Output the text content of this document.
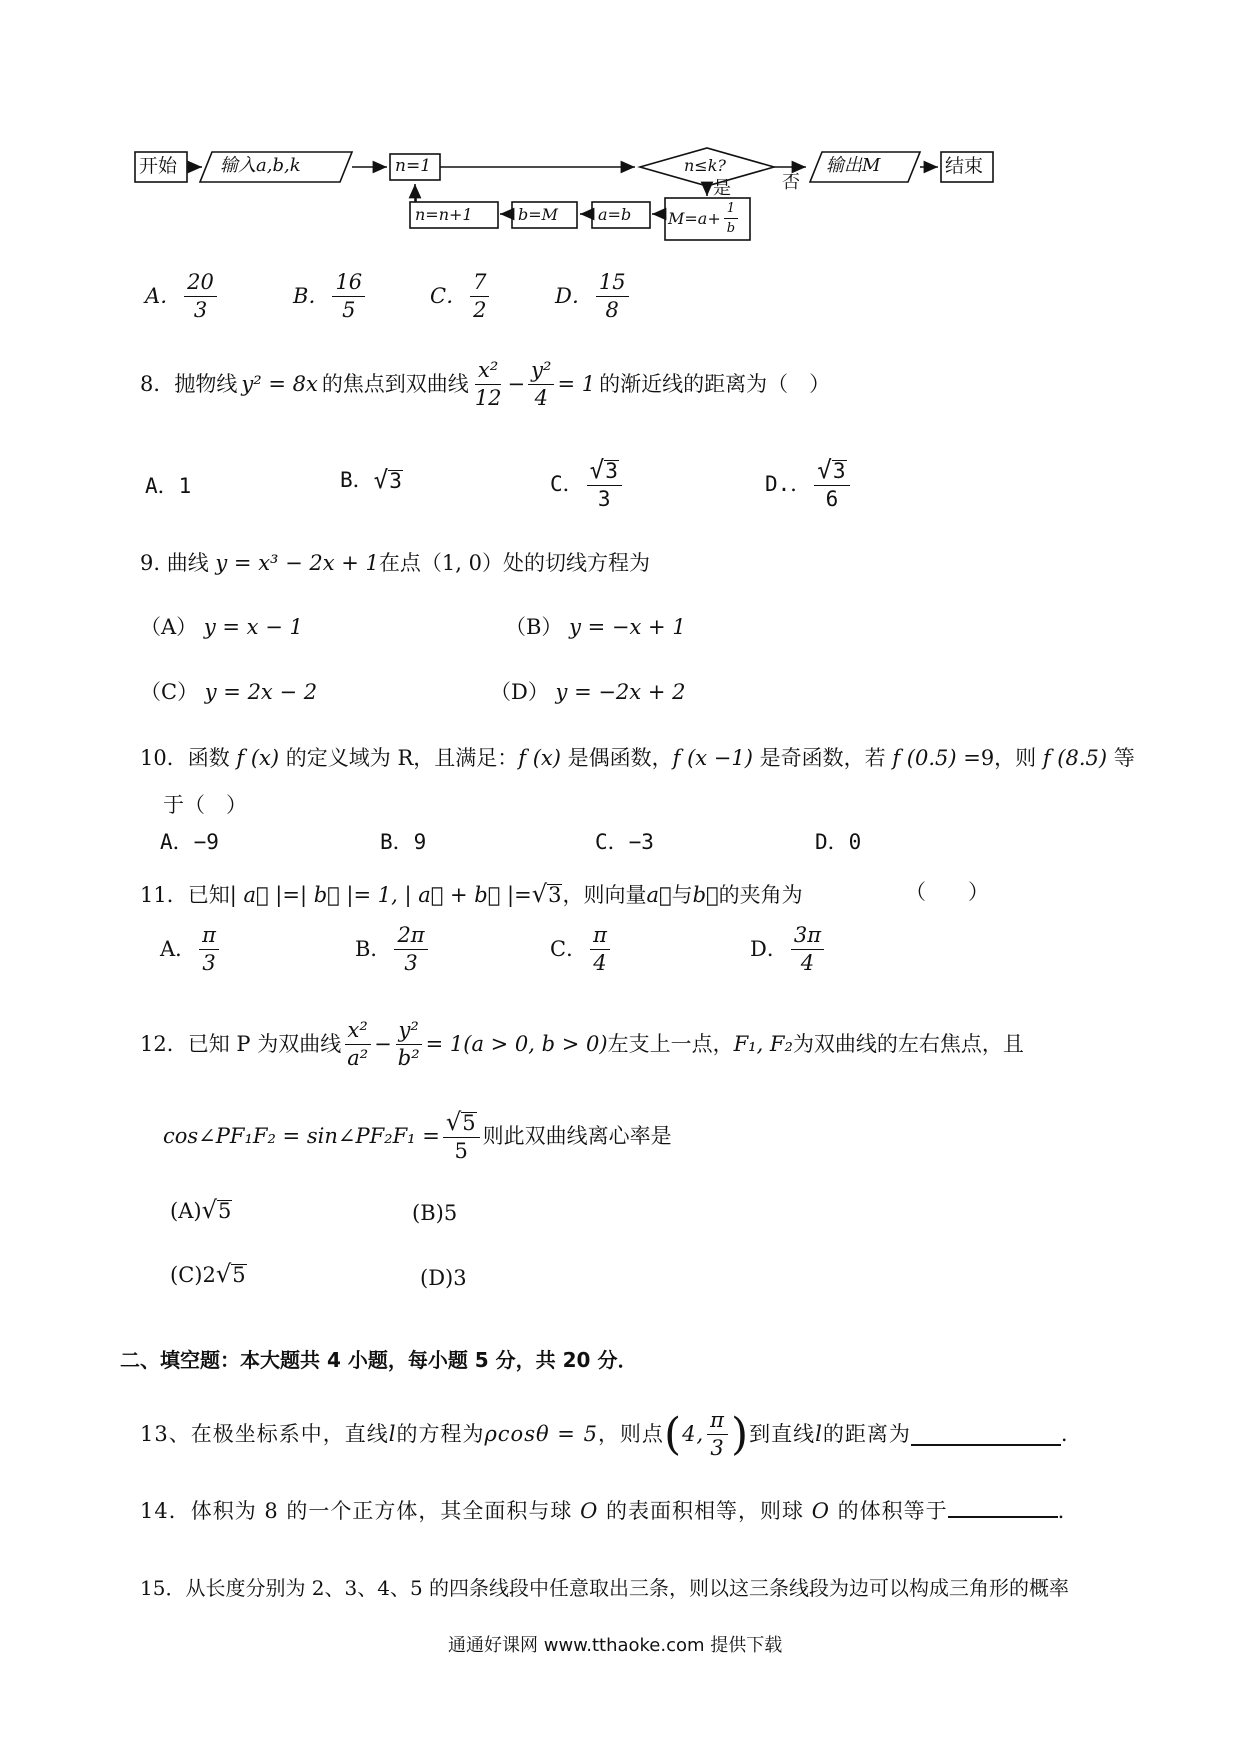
开始 输入a,b,k	n=1	n≤k?
是	否
输出M	结束
$M=a+ \frac{1}{b}$
a=b
b=M
n=n+1
A． $\frac{20}{3}$	B． $\frac{16}{5}$	C． $\frac{7}{2}$	D． $\frac{15}{8}$
8．抛物线 y² = 8x 的焦点到双曲线 $\frac{\text{x²}}{12} - \frac{\text{y²}}{4} = 1$ 的渐近线的距离为（　）
A．1	B． √ 3	C． $\frac{√ 3}{3}$	D.． $\frac{√ 3}{6}$
9. 曲线 y = x³ − 2x + 1在点（1, 0）处的切线方程为
（A） y = x − 1	（B） y = −x + 1
（C） y = 2x − 2	（D） y = −2x + 2
10．函数 f (x) 的定义域为 R，且满足：f (x) 是偶函数，f (x −1) 是奇函数，若 f (0.5) =9，则 f (8.5) 等
于（　）
A．−9	B．9	C．−3	D．0
11．已知 | a⃗ |=| b⃗ |= 1, | a⃗ + b⃗ |= √ 3 ，则向量 a⃗ 与 b⃗ 的夹角为	（　　）
A． $\frac{\pi}{3}$	B． $\frac{2\pi}{3}$	C． $\frac{\pi}{4}$	D． $\frac{3\pi}{4}$
12．已知 P 为双曲线 $\frac{\text{x²}}{\text{a²}} - \frac{\text{y²}}{\text{b²}} = 1(a > 0$, b > 0) 左支上一点， F₁, F₂ 为双曲线的左右焦点，且
cos∠PF₁F₂ = sin∠PF₂F₁ = $\frac{√ 5}{5}$ 则此双曲线离心率是
(A) √ 5	(B)5
(C)2 √ 5	(D)3
二、填空题：本大题共 4 小题，每小题 5 分，共 20 分．
13、在极坐标系中，直线 l 的方程为 ρcosθ = 5 ，则点 ( 4, $\frac{\pi}{3}$ ) 到直线 l 的距离为	.
14．体积为 8 的一个正方体，其全面积与球 O 的表面积相等，则球 O 的体积等于	.
15．从长度分别为 2、3、4、5 的四条线段中任意取出三条，则以这三条线段为边可以构成三角形的概率
通通好课网 www.tthaoke.com 提供下载
